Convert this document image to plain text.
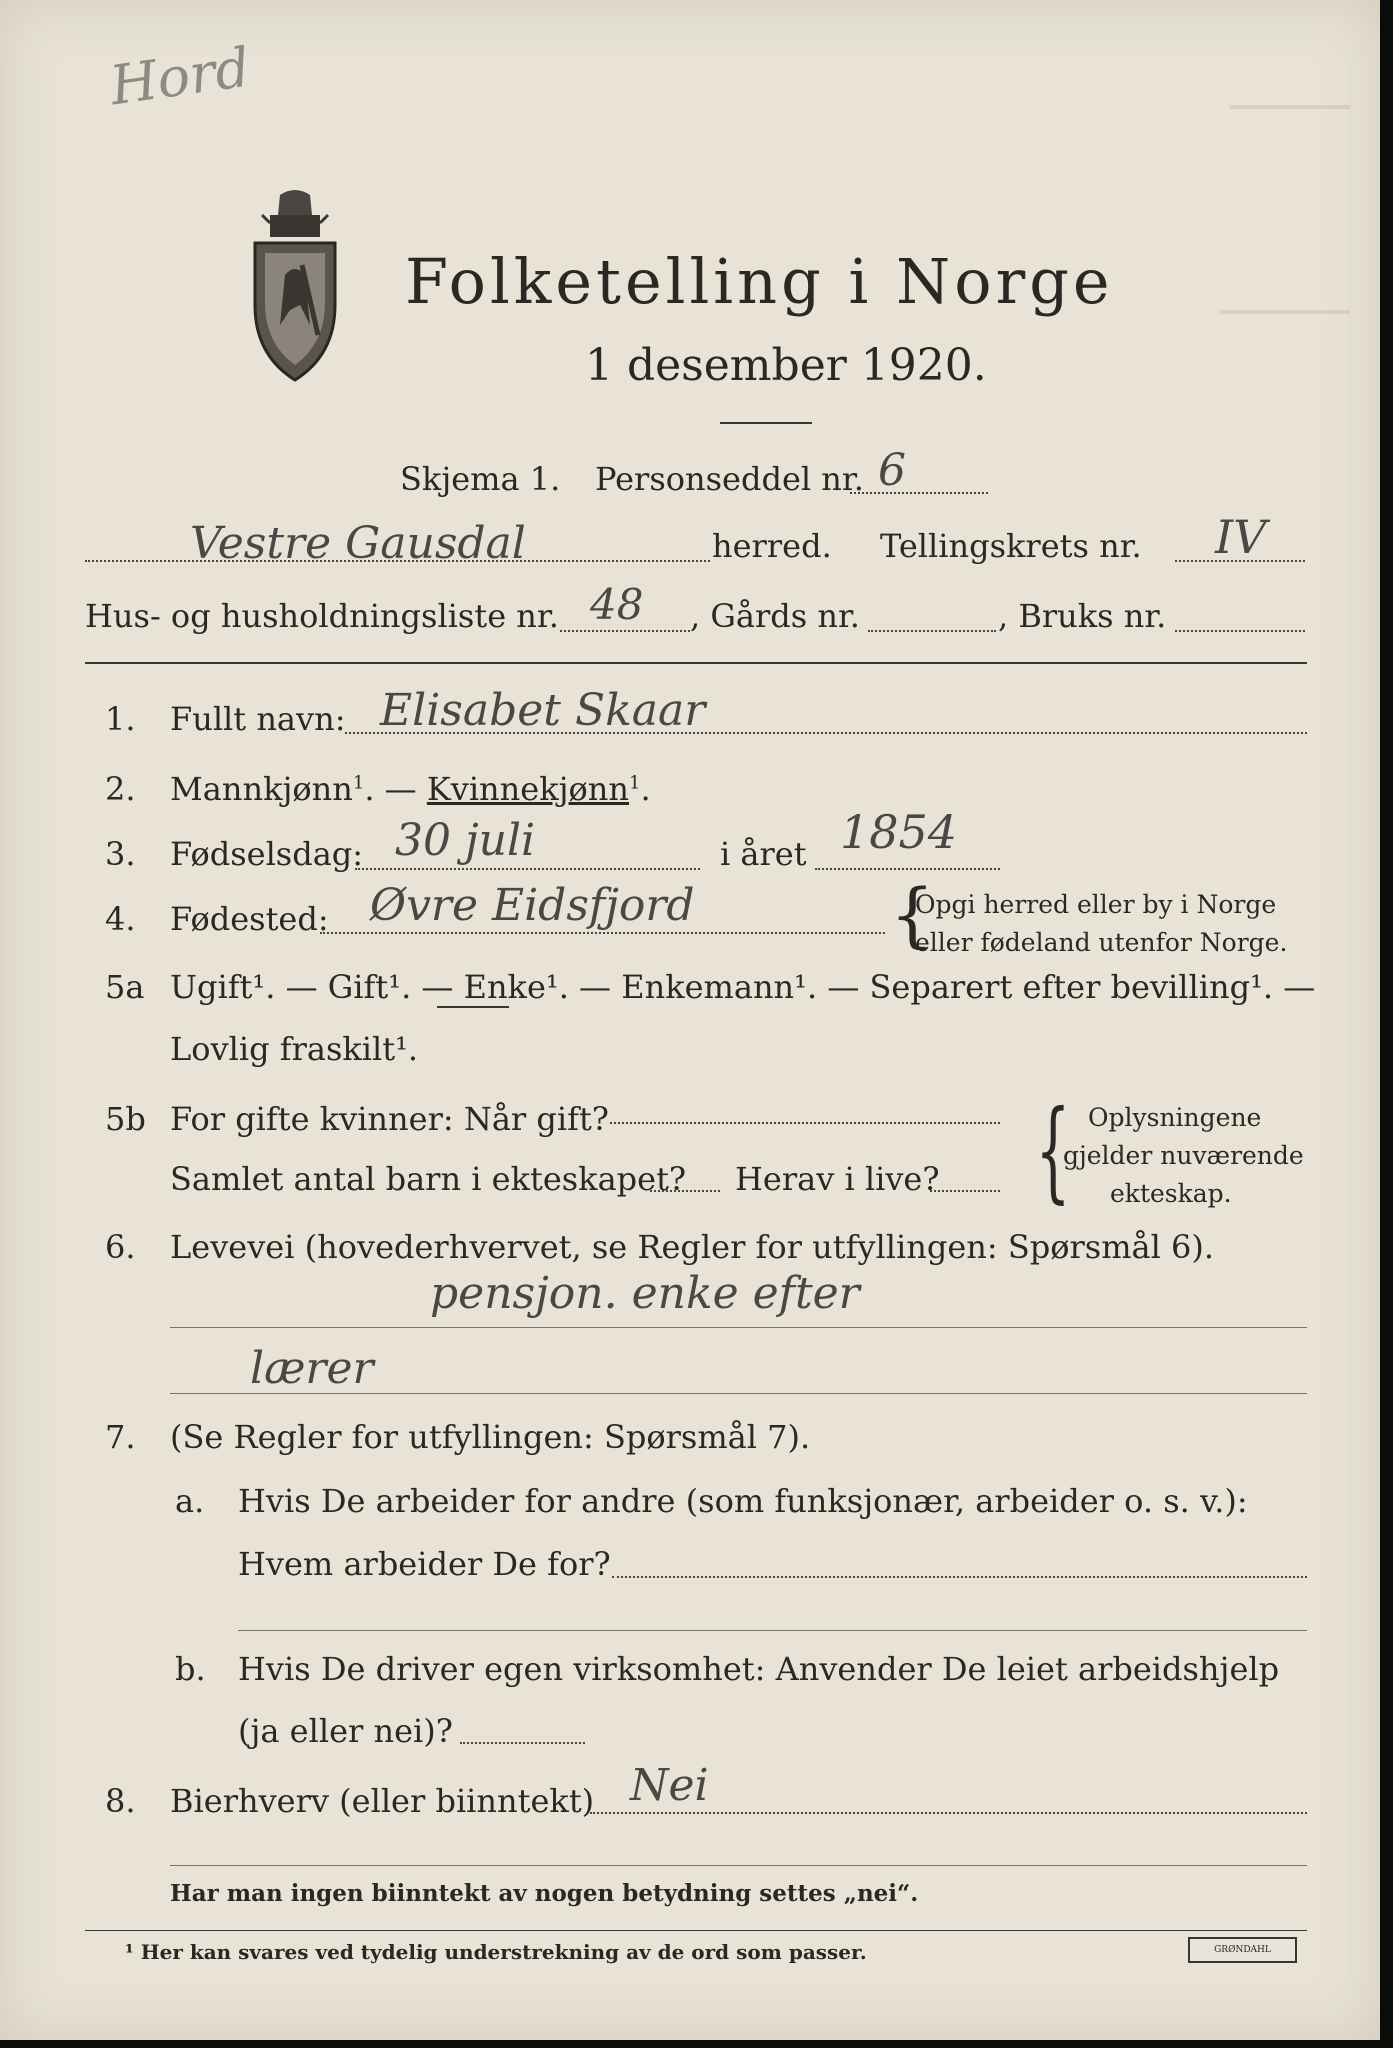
Hord
Folketelling i Norge
1 desember 1920.
Skjema 1. Personseddel nr. 6
Vestre Gausdal	herred. Tellingskrets nr. IV
Hus- og husholdningsliste nr. 48 , Gårds nr.	, Bruks nr.
1. Fullt navn: Elisabet Skaar
2. Mannkjønn$^1$. — Kvinnekjønn$^1$.
3. Fødselsdag: 30 juli	i året 1854
4. Fødested: Øvre Eidsfjord	{
Opgi herred eller by i Norge
eller fødeland utenfor Norge.
5a Ugift¹. — Gift¹. — Enke¹. — Enkemann¹. — Separert efter bevilling¹. —
Lovlig fraskilt¹.
5b For gifte kvinner: Når gift?
Samlet antal barn i ekteskapet? Herav i live? { Oplysningene
gjelder nuværende
ekteskap.
6. Levevei (hovederhvervet, se Regler for utfyllingen: Spørsmål 6).
pensjon. enke efter
lærer
7. (Se Regler for utfyllingen: Spørsmål 7).
a. Hvis De arbeider for andre (som funksjonær, arbeider o. s. v.):
Hvem arbeider De for?
b. Hvis De driver egen virksomhet: Anvender De leiet arbeidshjelp
(ja eller nei)?
8. Bierhverv (eller biinntekt) Nei
Har man ingen biinntekt av nogen betydning settes „nei“.
¹ Her kan svares ved tydelig understrekning av de ord som passer.	GRØNDAHL
